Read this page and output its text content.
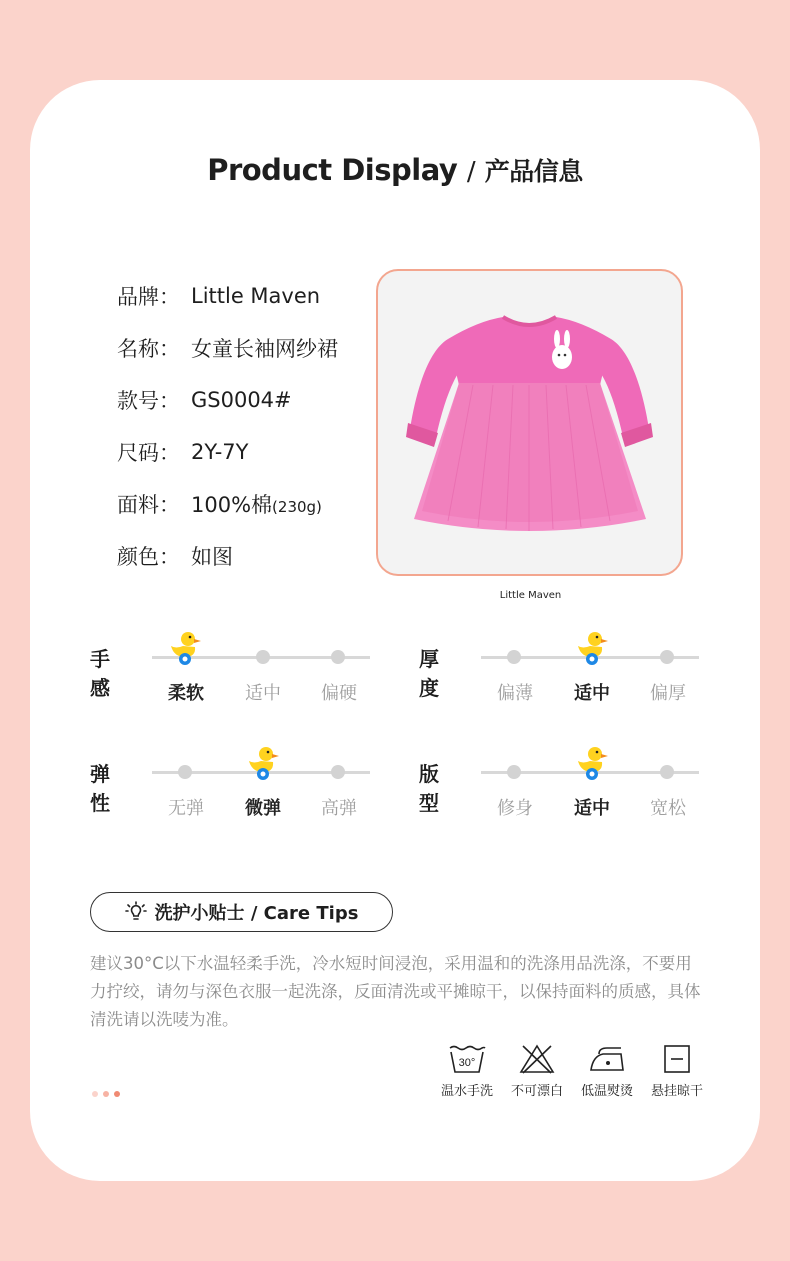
Product Display / 产品信息
品牌： Little Maven
名称： 女童长袖网纱裙
款号： GS0004#
尺码： 2Y-7Y
面料： 100%棉(230g)
颜色： 如图
Little Maven
手感	柔软	适中	偏硬
厚度	偏薄	适中	偏厚
弹性	无弹	微弹	高弹
版型	修身	适中	宽松
洗护小贴士 / Care Tips
建议30°C以下水温轻柔手洗，冷水短时间浸泡，采用温和的洗涤用品洗涤，不要用力拧绞，请勿与深色衣服一起洗涤，反面清洗或平摊晾干，以保持面料的质感，具体清洗请以洗唛为准。
30°
温水手洗	不可漂白	低温熨烫	悬挂晾干
